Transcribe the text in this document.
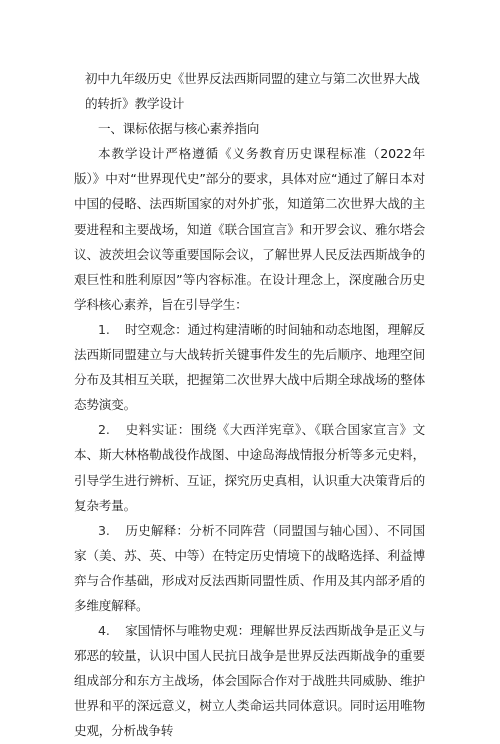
初中九年级历史《世界反法西斯同盟的建立与第二次世界大战的转折》教学设计

一、课标依据与核心素养指向

本教学设计严格遵循《义务教育历史课程标准（2022年版）》中对“世界现代史”部分的要求，具体对应“通过了解日本对中国的侵略、法西斯国家的对外扩张，知道第二次世界大战的主要进程和主要战场，知道《联合国宣言》和开罗会议、雅尔塔会议、波茨坦会议等重要国际会议，了解世界人民反法西斯战争的艰巨性和胜利原因”等内容标准。在设计理念上，深度融合历史学科核心素养，旨在引导学生：

1. 时空观念：通过构建清晰的时间轴和动态地图，理解反法西斯同盟建立与大战转折关键事件发生的先后顺序、地理空间分布及其相互关联，把握第二次世界大战中后期全球战场的整体态势演变。

2. 史料实证：围绕《大西洋宪章》、《联合国家宣言》文本、斯大林格勒战役作战图、中途岛海战情报分析等多元史料，引导学生进行辨析、互证，探究历史真相，认识重大决策背后的复杂考量。

3. 历史解释：分析不同阵营（同盟国与轴心国）、不同国家（美、苏、英、中等）在特定历史情境下的战略选择、利益博弈与合作基础，形成对反法西斯同盟性质、作用及其内部矛盾的多维度解释。

4. 家国情怀与唯物史观：理解世界反法西斯战争是正义与邪恶的较量，认识中国人民抗日战争是世界反法西斯战争的重要组成部分和东方主战场，体会国际合作对于战胜共同威胁、维护世界和平的深远意义，树立人类命运共同体意识。同时运用唯物史观，分析战争转
